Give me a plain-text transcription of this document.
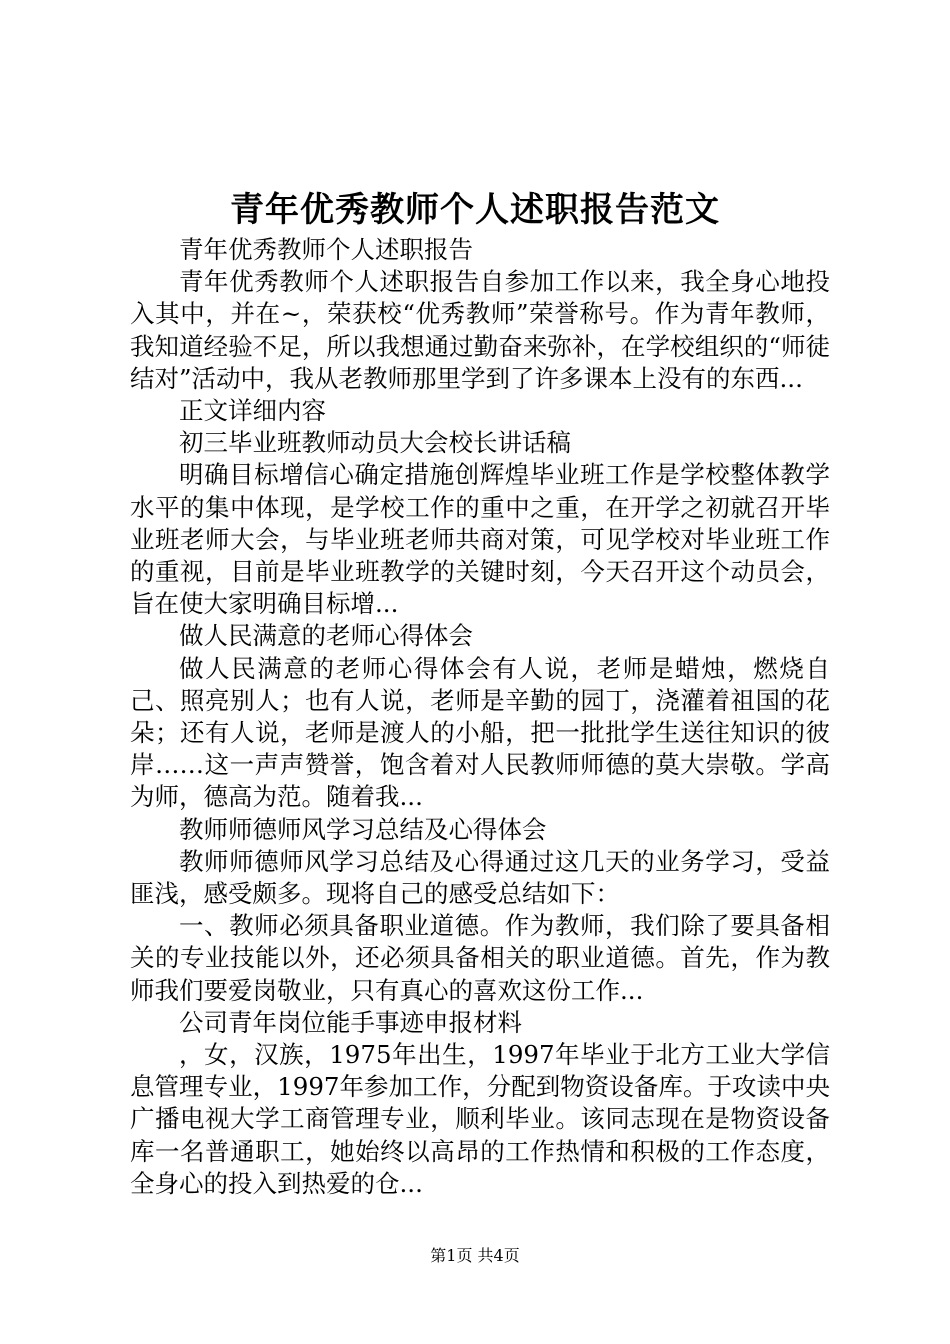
青年优秀教师个人述职报告范文

青年优秀教师个人述职报告

青年优秀教师个人述职报告自参加工作以来，我全身心地投入其中，并在~，荣获校“优秀教师”荣誉称号。作为青年教师，我知道经验不足，所以我想通过勤奋来弥补，在学校组织的“师徒结对”活动中，我从老教师那里学到了许多课本上没有的东西...

正文详细内容

初三毕业班教师动员大会校长讲话稿

明确目标增信心确定措施创辉煌毕业班工作是学校整体教学水平的集中体现，是学校工作的重中之重，在开学之初就召开毕业班老师大会，与毕业班老师共商对策，可见学校对毕业班工作的重视，目前是毕业班教学的关键时刻，今天召开这个动员会，旨在使大家明确目标增...

做人民满意的老师心得体会

做人民满意的老师心得体会有人说，老师是蜡烛，燃烧自己、照亮别人；也有人说，老师是辛勤的园丁，浇灌着祖国的花朵；还有人说，老师是渡人的小船，把一批批学生送往知识的彼岸……这一声声赞誉，饱含着对人民教师师德的莫大崇敬。学高为师，德高为范。随着我...

教师师德师风学习总结及心得体会

教师师德师风学习总结及心得通过这几天的业务学习，受益匪浅，感受颇多。现将自己的感受总结如下：

一、教师必须具备职业道德。作为教师，我们除了要具备相关的专业技能以外，还必须具备相关的职业道德。首先，作为教师我们要爱岗敬业，只有真心的喜欢这份工作...

公司青年岗位能手事迹申报材料

，女，汉族，1975年出生，1997年毕业于北方工业大学信息管理专业，1997年参加工作，分配到物资设备库。于攻读中央广播电视大学工商管理专业，顺利毕业。该同志现在是物资设备库一名普通职工，她始终以高昂的工作热情和积极的工作态度，全身心的投入到热爱的仓...

第1页 共4页
